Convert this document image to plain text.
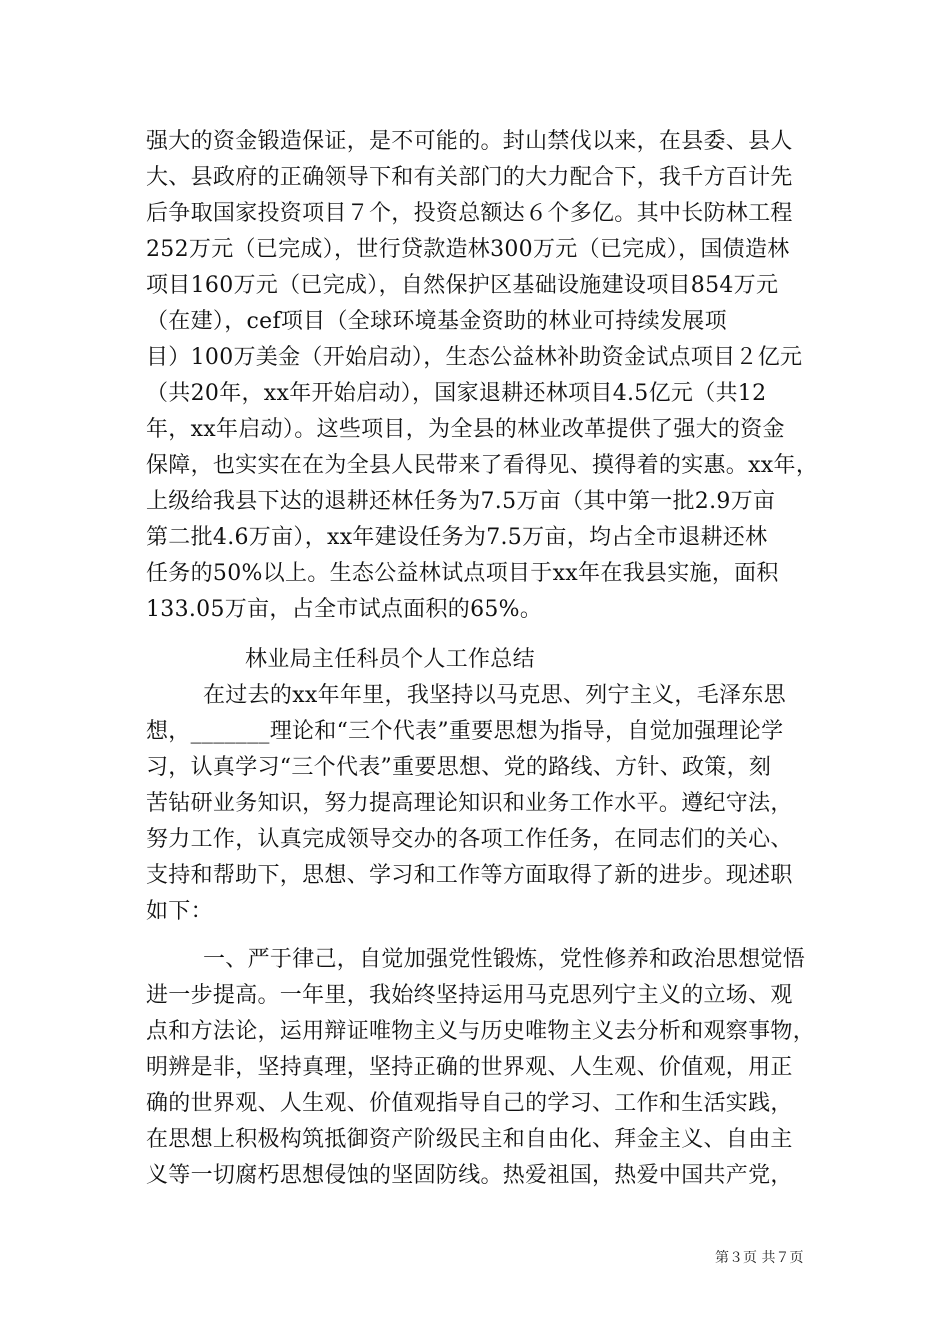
强大的资金锻造保证，是不可能的。封山禁伐以来，在县委、县人
大、县政府的正确领导下和有关部门的大力配合下，我千方百计先
后争取国家投资项目７个，投资总额达６个多亿。其中长防林工程
252万元（已完成），世行贷款造林300万元（已完成），国债造林
项目160万元（已完成），自然保护区基础设施建设项目854万元
（在建），cef项目（全球环境基金资助的林业可持续发展项
目）100万美金（开始启动），生态公益林补助资金试点项目２亿元
（共20年，xx年开始启动），国家退耕还林项目4.5亿元（共12
年，xx年启动）。这些项目，为全县的林业改革提供了强大的资金
保障，也实实在在为全县人民带来了看得见、摸得着的实惠。xx年，
上级给我县下达的退耕还林任务为7.5万亩（其中第一批2.9万亩
第二批4.6万亩），xx年建设任务为7.5万亩，均占全市退耕还林
任务的50%以上。生态公益林试点项目于xx年在我县实施，面积
133.05万亩，占全市试点面积的65%。
林业局主任科员个人工作总结
在过去的xx年年里，我坚持以马克思、列宁主义，毛泽东思
想，_______理论和“三个代表”重要思想为指导，自觉加强理论学
习，认真学习“三个代表”重要思想、党的路线、方针、政策，刻
苦钻研业务知识，努力提高理论知识和业务工作水平。遵纪守法，
努力工作，认真完成领导交办的各项工作任务，在同志们的关心、
支持和帮助下，思想、学习和工作等方面取得了新的进步。现述职
如下：
一、严于律己，自觉加强党性锻炼，党性修养和政治思想觉悟
进一步提高。一年里，我始终坚持运用马克思列宁主义的立场、观
点和方法论，运用辩证唯物主义与历史唯物主义去分析和观察事物，
明辨是非，坚持真理，坚持正确的世界观、人生观、价值观，用正
确的世界观、人生观、价值观指导自己的学习、工作和生活实践，
在思想上积极构筑抵御资产阶级民主和自由化、拜金主义、自由主
义等一切腐朽思想侵蚀的坚固防线。热爱祖国，热爱中国共产党，
第３页 共７页
